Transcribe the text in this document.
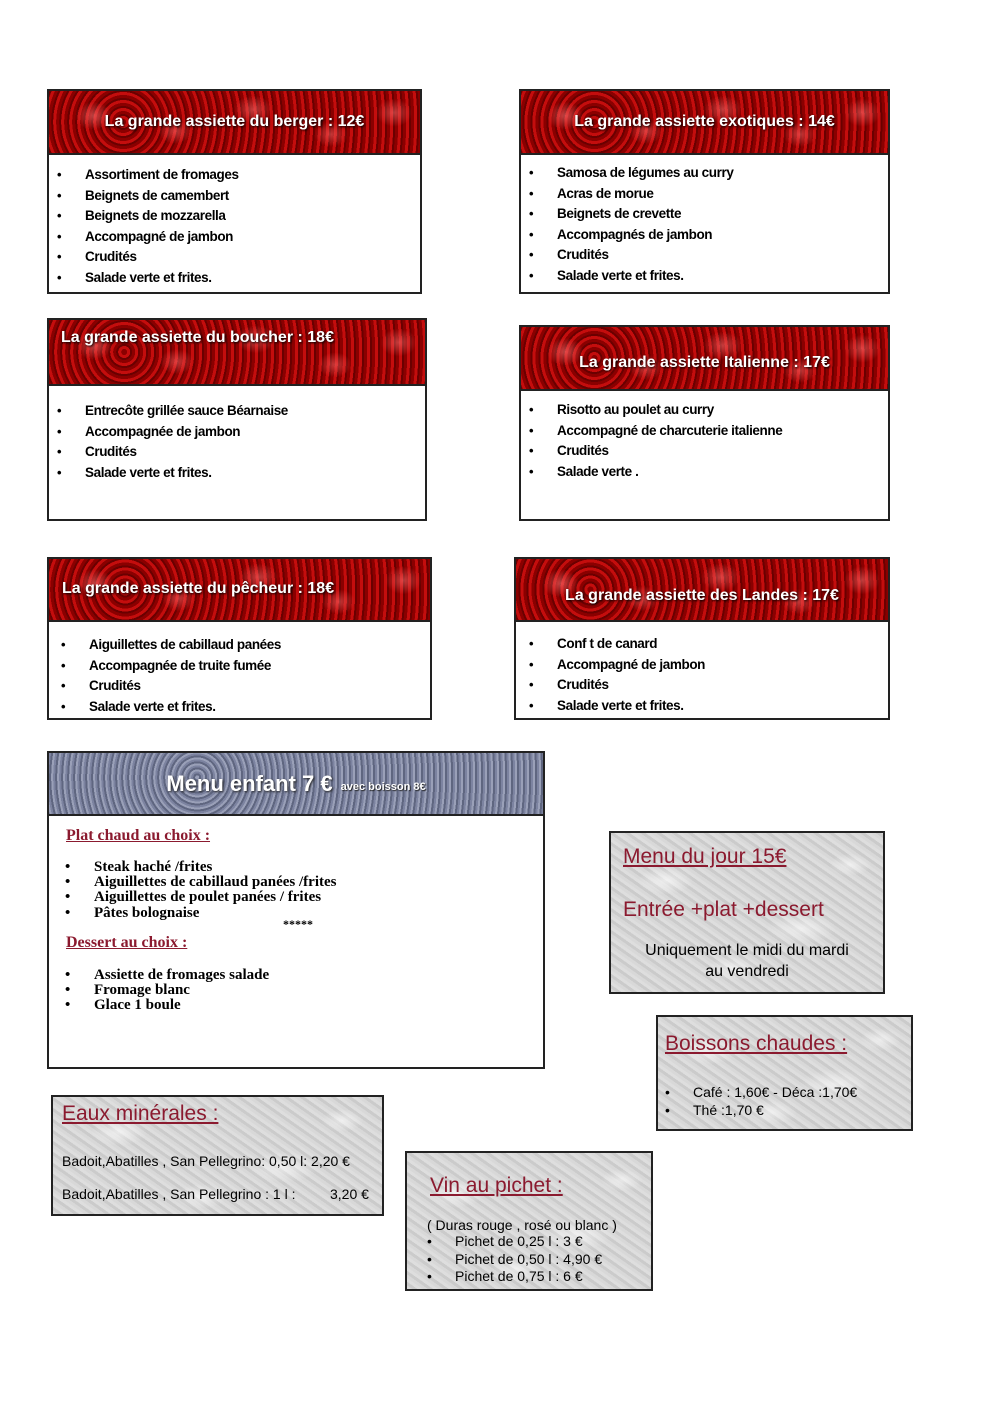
La grande assiette du berger : 12€
• Assortiment de fromages
• Beignets de camembert
• Beignets de mozzarella
• Accompagné de jambon
• Crudités
• Salade verte et frites.
La grande assiette exotiques : 14€
• Samosa de légumes au curry
• Acras de morue
• Beignets de crevette
• Accompagnés de jambon
• Crudités
• Salade verte et frites.
La grande assiette du boucher : 18€
• Entrecôte grillée sauce Béarnaise
• Accompagnée de jambon
• Crudités
• Salade verte et frites.
La grande assiette Italienne : 17€
• Risotto au poulet au curry
• Accompagné de charcuterie italienne
• Crudités
• Salade verte .
La grande assiette du pêcheur : 18€
• Aiguillettes de cabillaud panées
• Accompagnée de truite fumée
• Crudités
• Salade verte et frites.
La grande assiette des Landes : 17€
• Conf t de canard
• Accompagné de jambon
• Crudités
• Salade verte et frites.
Menu enfant 7 € avec boisson 8€
Plat chaud au choix :
• Steak haché /frites
• Aiguillettes de cabillaud panées /frites
• Aiguillettes de poulet panées / frites
• Pâtes bolognaise
*****
Dessert au choix :
• Assiette de fromages salade
• Fromage blanc
• Glace 1 boule
Menu du jour 15€
Entrée +plat +dessert
Uniquement le midi du mardi
au vendredi
Boissons chaudes :
• Café : 1,60€ - Déca :1,70€
• Thé :1,70 €
Eaux minérales :
Badoit,Abatilles , San Pellegrino: 0,50 l: 2,20 €
Badoit,Abatilles , San Pellegrino : 1 l : 3,20 €	Vin au pichet :
( Duras rouge , rosé ou blanc )
• Pichet de 0,25 l : 3 €
• Pichet de 0,50 l : 4,90 €
• Pichet de 0,75 l : 6 €
